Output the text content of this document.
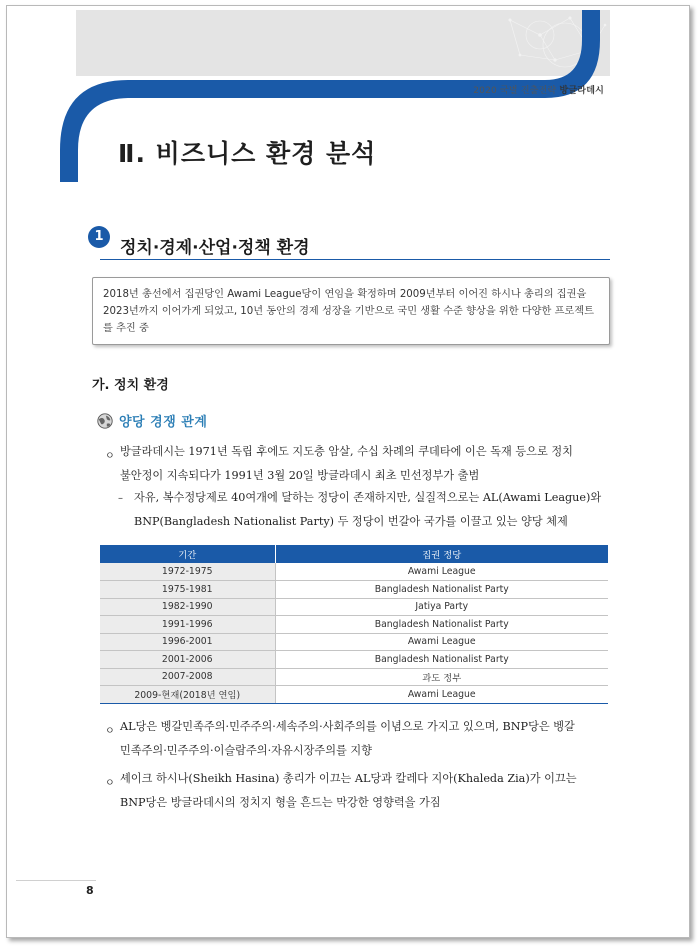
2020 국별 진출전략 방글라데시
Ⅱ. 비즈니스 환경 분석
1
정치·경제·산업·정책 환경
2018년 총선에서 집권당인 Awami League당이 연임을 확정하며 2009년부터 이어진 하시나 총리의 집권을 2023년까지 이어가게 되었고, 10년 동안의 경제 성장을 기반으로 국민 생활 수준 향상을 위한 다양한 프로젝트를 추진 중
가. 정치 환경
양당 경쟁 관계
ㅇ 방글라데시는 1971년 독립 후에도 지도층 암살, 수십 차례의 쿠데타에 이은 독재 등으로 정치
불안정이 지속되다가 1991년 3월 20일 방글라데시 최초 민선정부가 출범
– 자유, 복수정당제로 40여개에 달하는 정당이 존재하지만, 실질적으로는 AL(Awami League)와
BNP(Bangladesh Nationalist Party) 두 정당이 번갈아 국가를 이끌고 있는 양당 체제
기간	집권 정당
1972-1975	Awami League
1975-1981	Bangladesh Nationalist Party
1982-1990	Jatiya Party
1991-1996	Bangladesh Nationalist Party
1996-2001	Awami League
2001-2006	Bangladesh Nationalist Party
2007-2008	과도 정부
2009-현재(2018년 연임)	Awami League
ㅇ AL당은 벵갈민족주의·민주주의·세속주의·사회주의를 이념으로 가지고 있으며, BNP당은 벵갈
민족주의·민주주의·이슬람주의·자유시장주의를 지향
ㅇ 셰이크 하시나(Sheikh Hasina) 총리가 이끄는 AL당과 칼레다 지아(Khaleda Zia)가 이끄는
BNP당은 방글라데시의 정치지 형을 흔드는 막강한 영향력을 가짐
8
